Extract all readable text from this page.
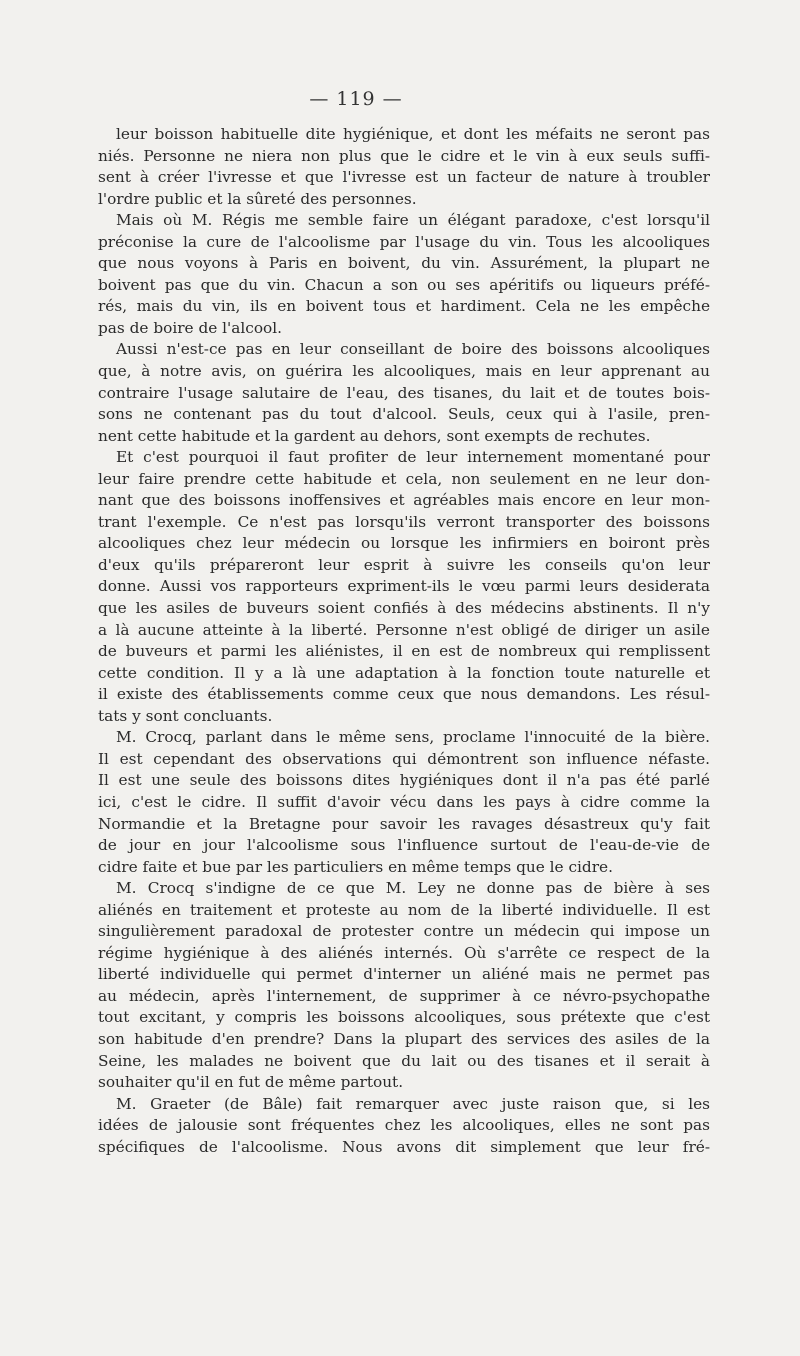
— 119 —
leur boisson habituelle dite hygiénique, et dont les méfaits ne seront pas
niés. Personne ne niera non plus que le cidre et le vin à eux seuls suffi-
sent à créer l'ivresse et que l'ivresse est un facteur de nature à troubler
l'ordre public et la sûreté des personnes.
Mais où M. Régis me semble faire un élégant paradoxe, c'est lorsqu'il
préconise la cure de l'alcoolisme par l'usage du vin. Tous les alcooliques
que nous voyons à Paris en boivent, du vin. Assurément, la plupart ne
boivent pas que du vin. Chacun a son ou ses apéritifs ou liqueurs préfé-
rés, mais du vin, ils en boivent tous et hardiment. Cela ne les empêche
pas de boire de l'alcool.
Aussi n'est-ce pas en leur conseillant de boire des boissons alcooliques
que, à notre avis, on guérira les alcooliques, mais en leur apprenant au
contraire l'usage salutaire de l'eau, des tisanes, du lait et de toutes bois-
sons ne contenant pas du tout d'alcool. Seuls, ceux qui à l'asile, pren-
nent cette habitude et la gardent au dehors, sont exempts de rechutes.
Et c'est pourquoi il faut profiter de leur internement momentané pour
leur faire prendre cette habitude et cela, non seulement en ne leur don-
nant que des boissons inoffensives et agréables mais encore en leur mon-
trant l'exemple. Ce n'est pas lorsqu'ils verront transporter des boissons
alcooliques chez leur médecin ou lorsque les infirmiers en boiront près
d'eux qu'ils prépareront leur esprit à suivre les conseils qu'on leur
donne. Aussi vos rapporteurs expriment-ils le vœu parmi leurs desiderata
que les asiles de buveurs soient confiés à des médecins abstinents. Il n'y
a là aucune atteinte à la liberté. Personne n'est obligé de diriger un asile
de buveurs et parmi les aliénistes, il en est de nombreux qui remplissent
cette condition. Il y a là une adaptation à la fonction toute naturelle et
il existe des établissements comme ceux que nous demandons. Les résul-
tats y sont concluants.
M. Crocq, parlant dans le même sens, proclame l'innocuité de la bière.
Il est cependant des observations qui démontrent son influence néfaste.
Il est une seule des boissons dites hygiéniques dont il n'a pas été parlé
ici, c'est le cidre. Il suffit d'avoir vécu dans les pays à cidre comme la
Normandie et la Bretagne pour savoir les ravages désastreux qu'y fait
de jour en jour l'alcoolisme sous l'influence surtout de l'eau-de-vie de
cidre faite et bue par les particuliers en même temps que le cidre.
M. Crocq s'indigne de ce que M. Ley ne donne pas de bière à ses
aliénés en traitement et proteste au nom de la liberté individuelle. Il est
singulièrement paradoxal de protester contre un médecin qui impose un
régime hygiénique à des aliénés internés. Où s'arrête ce respect de la
liberté individuelle qui permet d'interner un aliéné mais ne permet pas
au médecin, après l'internement, de supprimer à ce névro-psychopathe
tout excitant, y compris les boissons alcooliques, sous prétexte que c'est
son habitude d'en prendre? Dans la plupart des services des asiles de la
Seine, les malades ne boivent que du lait ou des tisanes et il serait à
souhaiter qu'il en fut de même partout.
M. Graeter (de Bâle) fait remarquer avec juste raison que, si les
idées de jalousie sont fréquentes chez les alcooliques, elles ne sont pas
spécifiques de l'alcoolisme. Nous avons dit simplement que leur fré-
